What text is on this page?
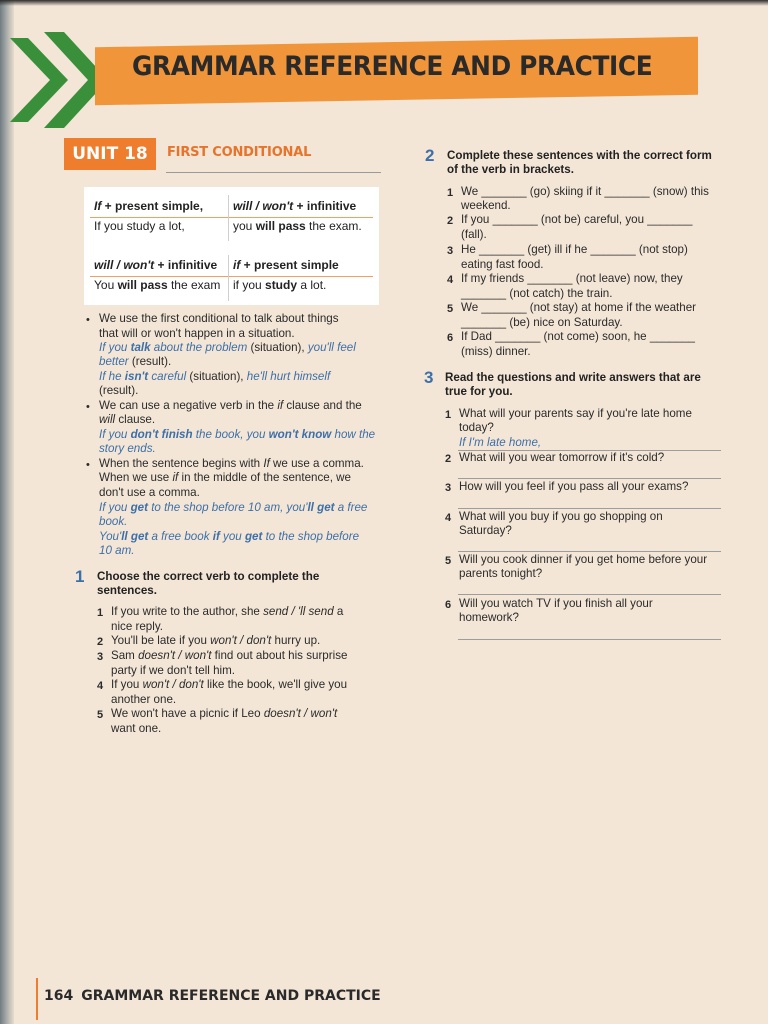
GRAMMAR REFERENCE AND PRACTICE
UNIT 18	FIRST CONDITIONAL
If + present simple, will / won't + infinitive
If you study a lot,	you will pass the exam.
will / won't + infinitive if + present simple
You will pass the exam if you study a lot.
• We use the first conditional to talk about things
that will or won't happen in a situation.
If you talk about the problem (situation), you'll feel
better (result).
If he isn't careful (situation), he'll hurt himself
(result).
• We can use a negative verb in the if clause and the
will clause.
If you don't finish the book, you won't know how the
story ends.
• When the sentence begins with If we use a comma.
When we use if in the middle of the sentence, we
don't use a comma.
If you get to the shop before 10 am, you'll get a free
book.
You'll get a free book if you get to the shop before
10 am.
1 Choose the correct verb to complete the
sentences.
1 If you write to the author, she send / 'll send a
nice reply.
2 You'll be late if you won't / don't hurry up.
3 Sam doesn't / won't find out about his surprise
party if we don't tell him.
4 If you won't / don't like the book, we'll give you
another one.
5 We won't have a picnic if Leo doesn't / won't
want one.
2 Complete these sentences with the correct form
of the verb in brackets.
1 We _______ (go) skiing if it _______ (snow) this
weekend.
2 If you _______ (not be) careful, you _______
(fall).
3 He _______ (get) ill if he _______ (not stop)
eating fast food.
4 If my friends _______ (not leave) now, they
_______ (not catch) the train.
5 We _______ (not stay) at home if the weather
_______ (be) nice on Saturday.
6 If Dad _______ (not come) soon, he _______
(miss) dinner.
3 Read the questions and write answers that are
true for you.
1 What will your parents say if you're late home
today?
If I'm late home,
2 What will you wear tomorrow if it's cold?
3 How will you feel if you pass all your exams?
4 What will you buy if you go shopping on
Saturday?
5 Will you cook dinner if you get home before your
parents tonight?
6 Will you watch TV if you finish all your
homework?
164 GRAMMAR REFERENCE AND PRACTICE
